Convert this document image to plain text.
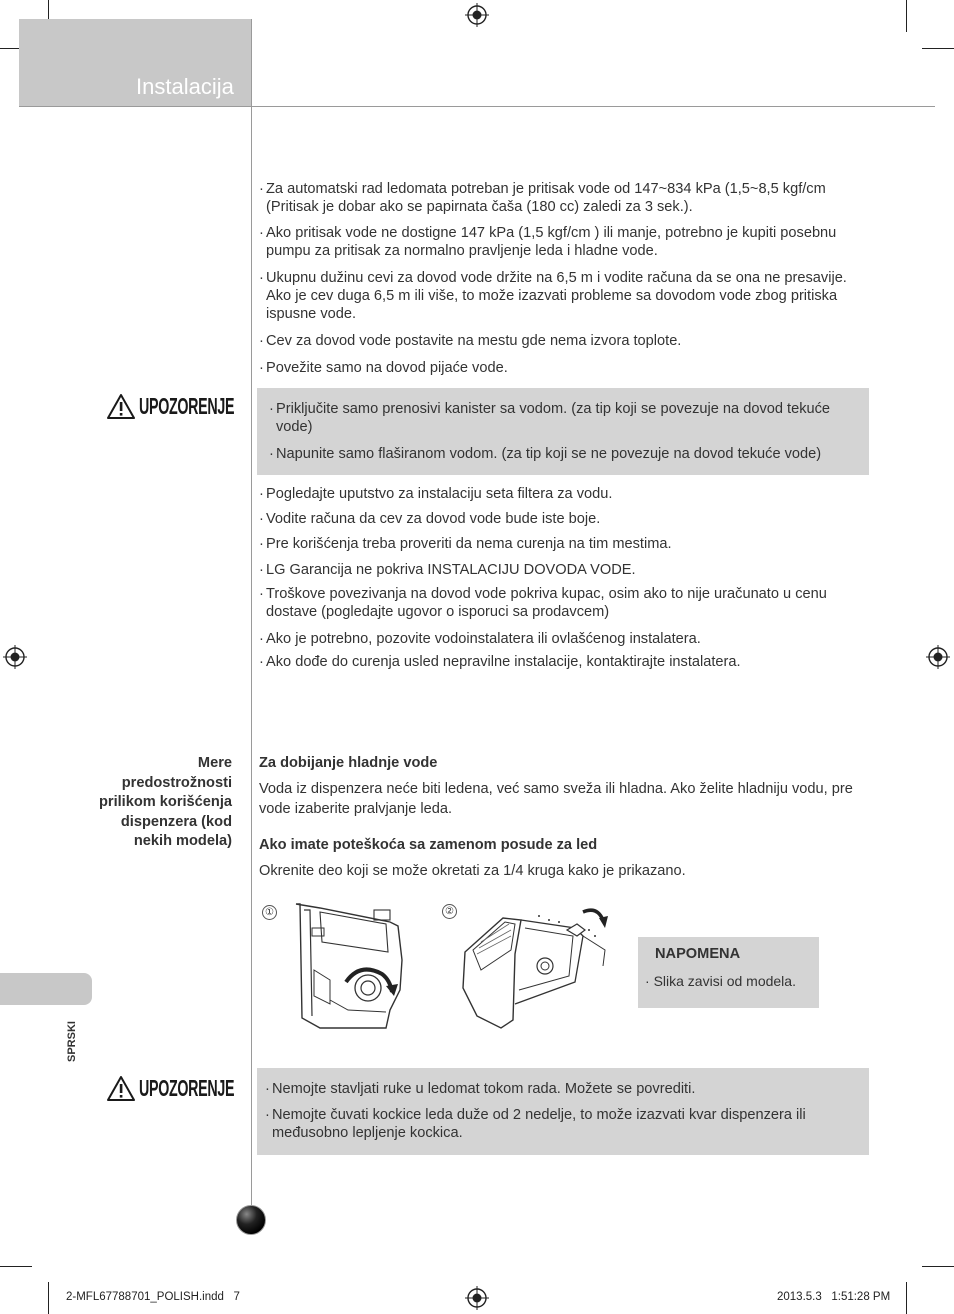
Instalacija
· Za automatski rad ledomata potreban je pritisak vode od 147~834 kPa (1,5~8,5 kgf/cm (Pritisak je dobar ako se papirnata čaša (180 cc) zaledi za 3 sek.).
· Ako pritisak vode ne dostigne 147 kPa (1,5 kgf/cm ) ili manje, potrebno je kupiti posebnu pumpu za pritisak za normalno pravljenje leda i hladne vode.
· Ukupnu dužinu cevi za dovod vode držite na 6,5 m i vodite računa da se ona ne presavije. Ako je cev duga 6,5 m ili više, to može izazvati probleme sa dovodom vode zbog pritiska ispusne vode.
· Cev za dovod vode postavite na mestu gde nema izvora toplote.
· Povežite samo na dovod pijaće vode.
UPOZORENJE · Priključite samo prenosivi kanister sa vodom. (za tip koji se povezuje na dovod tekuće vode)
· Napunite samo flaširanom vodom. (za tip koji se ne povezuje na dovod tekuće vode)
· Pogledajte uputstvo za instalaciju seta filtera za vodu.
· Vodite računa da cev za dovod vode bude iste boje.
· Pre korišćenja treba proveriti da nema curenja na tim mestima.
· LG Garancija ne pokriva INSTALACIJU DOVODA VODE.
· Troškove povezivanja na dovod vode pokriva kupac, osim ako to nije uračunato u cenu dostave (pogledajte ugovor o isporuci sa prodavcem)
· Ako je potrebno, pozovite vodoinstalatera ili ovlašćenog instalatera.
· Ako dođe do curenja usled nepravilne instalacije, kontaktirajte instalatera.
Mere predostrožnosti prilikom korišćenja dispenzera (kod nekih modela)
Za dobijanje hladnje vode
Voda iz dispenzera neće biti ledena, već samo sveža ili hladna. Ako želite hladniju vodu, pre vode izaberite pralvjanje leda.
Ako imate poteškoća sa zamenom posude za led
Okrenite deo koji se može okretati za 1/4 kruga kako je prikazano.
①	②
NAPOMENA
· Slika zavisi od modela.
SPRSKI
UPOZORENJE · Nemojte stavljati ruke u ledomat tokom rada. Možete se povrediti.
· Nemojte čuvati kockice leda duže od 2 nedelje, to može izazvati kvar dispenzera ili međusobno lepljenje kockica.
2-MFL67788701_POLISH.indd   7	2013.5.3   1:51:28 PM
